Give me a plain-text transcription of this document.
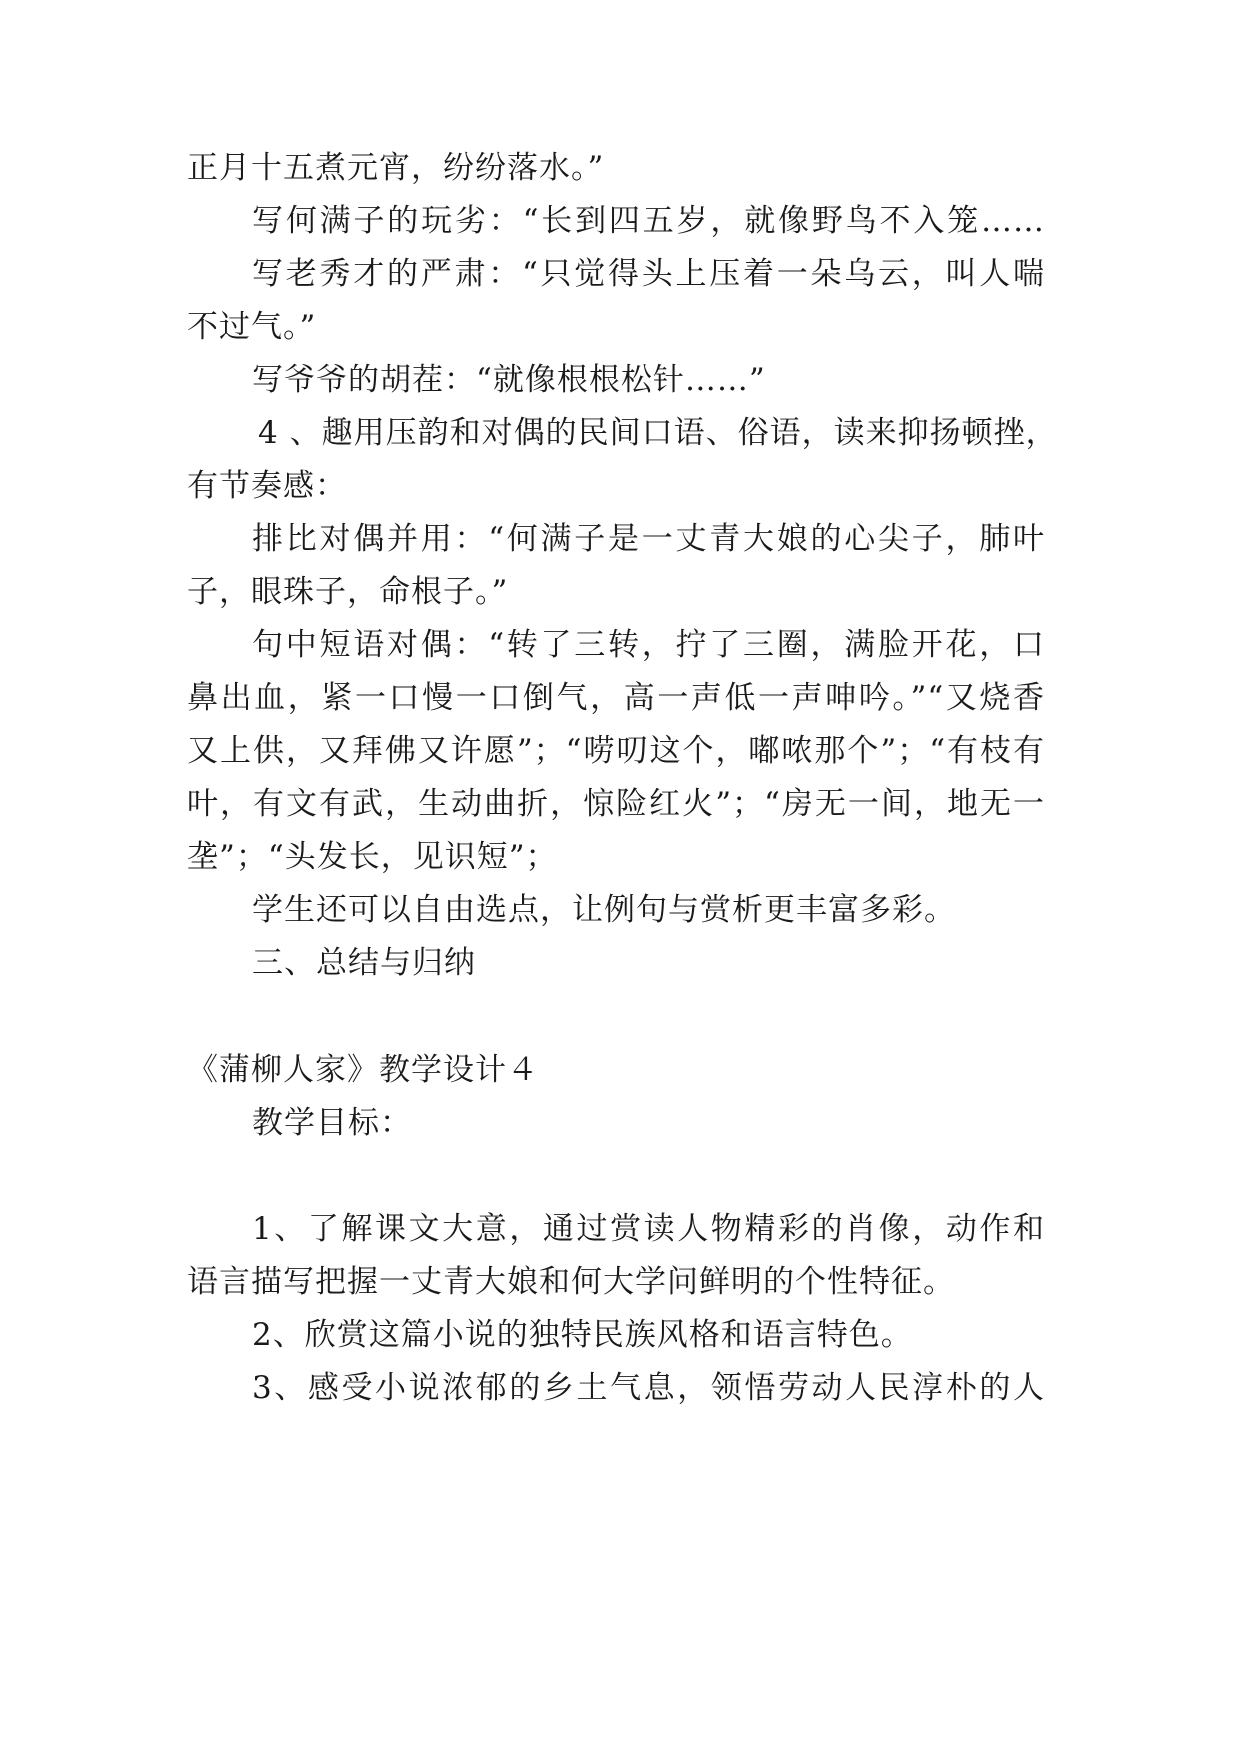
正月十五煮元宵，纷纷落水。”
写何满子的玩劣：“长到四五岁，就像野鸟不入笼……
写老秀才的严肃：“只觉得头上压着一朵乌云，叫人喘
不过气。”
写爷爷的胡茬：“就像根根松针……”
4 、趣用压韵和对偶的民间口语、俗语，读来抑扬顿挫，
有节奏感：
排比对偶并用：“何满子是一丈青大娘的心尖子，肺叶
子，眼珠子，命根子。”
句中短语对偶：“转了三转，拧了三圈，满脸开花，口
鼻出血，紧一口慢一口倒气，高一声低一声呻吟。”“又烧香
又上供，又拜佛又许愿”；“唠叨这个，嘟哝那个”；“有枝有
叶，有文有武，生动曲折，惊险红火”；“房无一间，地无一
垄”；“头发长，见识短”；
学生还可以自由选点，让例句与赏析更丰富多彩。
三、总结与归纳
《蒲柳人家》教学设计４
教学目标：
1、了解课文大意，通过赏读人物精彩的肖像，动作和
语言描写把握一丈青大娘和何大学问鲜明的个性特征。
2、欣赏这篇小说的独特民族风格和语言特色。
3、感受小说浓郁的乡土气息，领悟劳动人民淳朴的人
